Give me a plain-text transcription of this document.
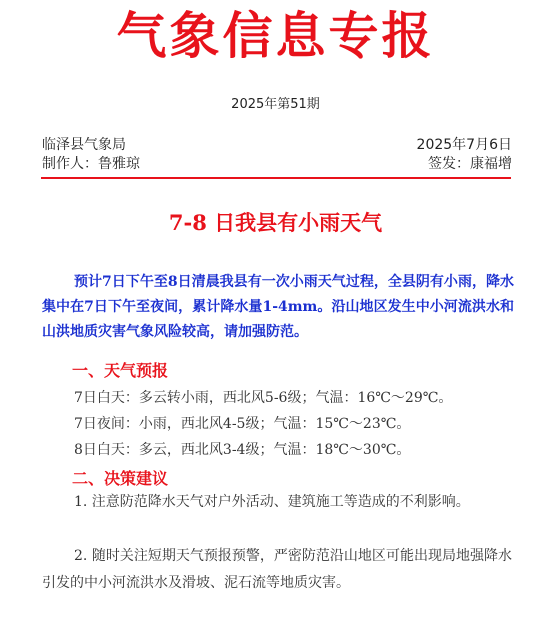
气象信息专报
2025年第51期
临泽县气象局	2025年7月6日
制作人：鲁雅琼	签发：康福增
7-8 日我县有小雨天气
预计7日下午至8日清晨我县有一次小雨天气过程，全县阴有小雨，降水集中在7日下午至夜间，累计降水量1-4mm。沿山地区发生中小河流洪水和山洪地质灾害气象风险较高，请加强防范。
一、天气预报
7日白天：多云转小雨，西北风5-6级；气温：16℃～29℃。
7日夜间：小雨，西北风4-5级；气温：15℃～23℃。
8日白天：多云，西北风3-4级；气温：18℃～30℃。
二、决策建议
1. 注意防范降水天气对户外活动、建筑施工等造成的不利影响。
2. 随时关注短期天气预报预警，严密防范沿山地区可能出现局地强降水引发的中小河流洪水及滑坡、泥石流等地质灾害。
